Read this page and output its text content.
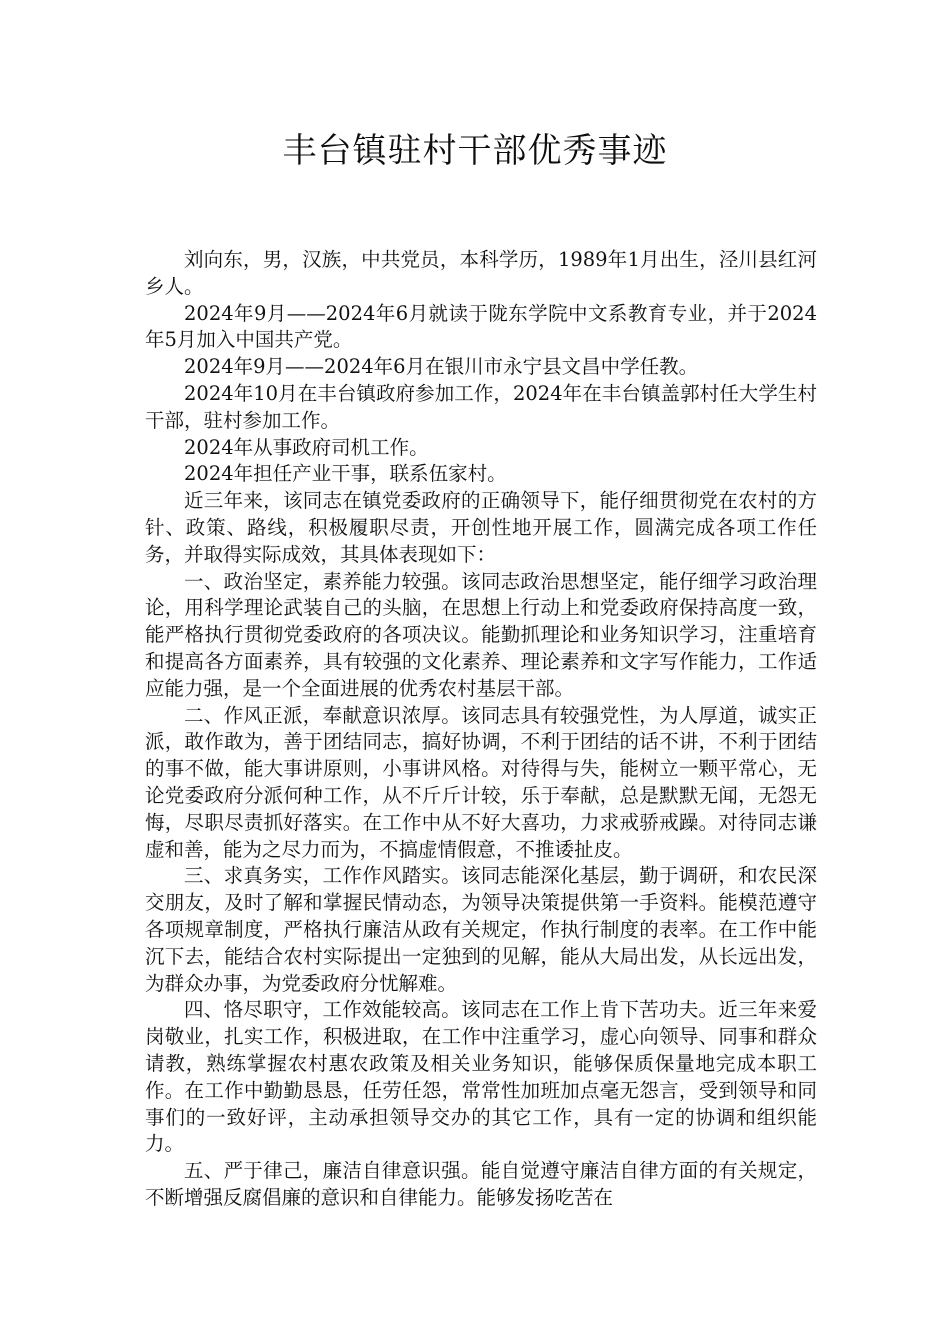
丰台镇驻村干部优秀事迹

刘向东，男，汉族，中共党员，本科学历，1989年1月出生，泾川县红河乡人。

2024年9月——2024年6月就读于陇东学院中文系教育专业，并于2024年5月加入中国共产党。

2024年9月——2024年6月在银川市永宁县文昌中学任教。

2024年10月在丰台镇政府参加工作，2024年在丰台镇盖郭村任大学生村干部，驻村参加工作。

2024年从事政府司机工作。

2024年担任产业干事，联系伍家村。

近三年来，该同志在镇党委政府的正确领导下，能仔细贯彻党在农村的方针、政策、路线，积极履职尽责，开创性地开展工作，圆满完成各项工作任务，并取得实际成效，其具体表现如下：

一、政治坚定，素养能力较强。该同志政治思想坚定，能仔细学习政治理论，用科学理论武装自己的头脑，在思想上行动上和党委政府保持高度一致，能严格执行贯彻党委政府的各项决议。能勤抓理论和业务知识学习，注重培育和提高各方面素养，具有较强的文化素养、理论素养和文字写作能力，工作适应能力强，是一个全面进展的优秀农村基层干部。

二、作风正派，奉献意识浓厚。该同志具有较强党性，为人厚道，诚实正派，敢作敢为，善于团结同志，搞好协调，不利于团结的话不讲，不利于团结的事不做，能大事讲原则，小事讲风格。对待得与失，能树立一颗平常心，无论党委政府分派何种工作，从不斤斤计较，乐于奉献，总是默默无闻，无怨无悔，尽职尽责抓好落实。在工作中从不好大喜功，力求戒骄戒躁。对待同志谦虚和善，能为之尽力而为，不搞虚情假意，不推诿扯皮。

三、求真务实，工作作风踏实。该同志能深化基层，勤于调研，和农民深交朋友，及时了解和掌握民情动态，为领导决策提供第一手资料。能模范遵守各项规章制度，严格执行廉洁从政有关规定，作执行制度的表率。在工作中能沉下去，能结合农村实际提出一定独到的见解，能从大局出发，从长远出发，为群众办事，为党委政府分忧解难。

四、恪尽职守，工作效能较高。该同志在工作上肯下苦功夫。近三年来爱岗敬业，扎实工作，积极进取，在工作中注重学习，虚心向领导、同事和群众请教，熟练掌握农村惠农政策及相关业务知识，能够保质保量地完成本职工作。在工作中勤勤恳恳，任劳任怨，常常性加班加点毫无怨言，受到领导和同事们的一致好评，主动承担领导交办的其它工作，具有一定的协调和组织能力。

五、严于律己，廉洁自律意识强。能自觉遵守廉洁自律方面的有关规定，不断增强反腐倡廉的意识和自律能力。能够发扬吃苦在
